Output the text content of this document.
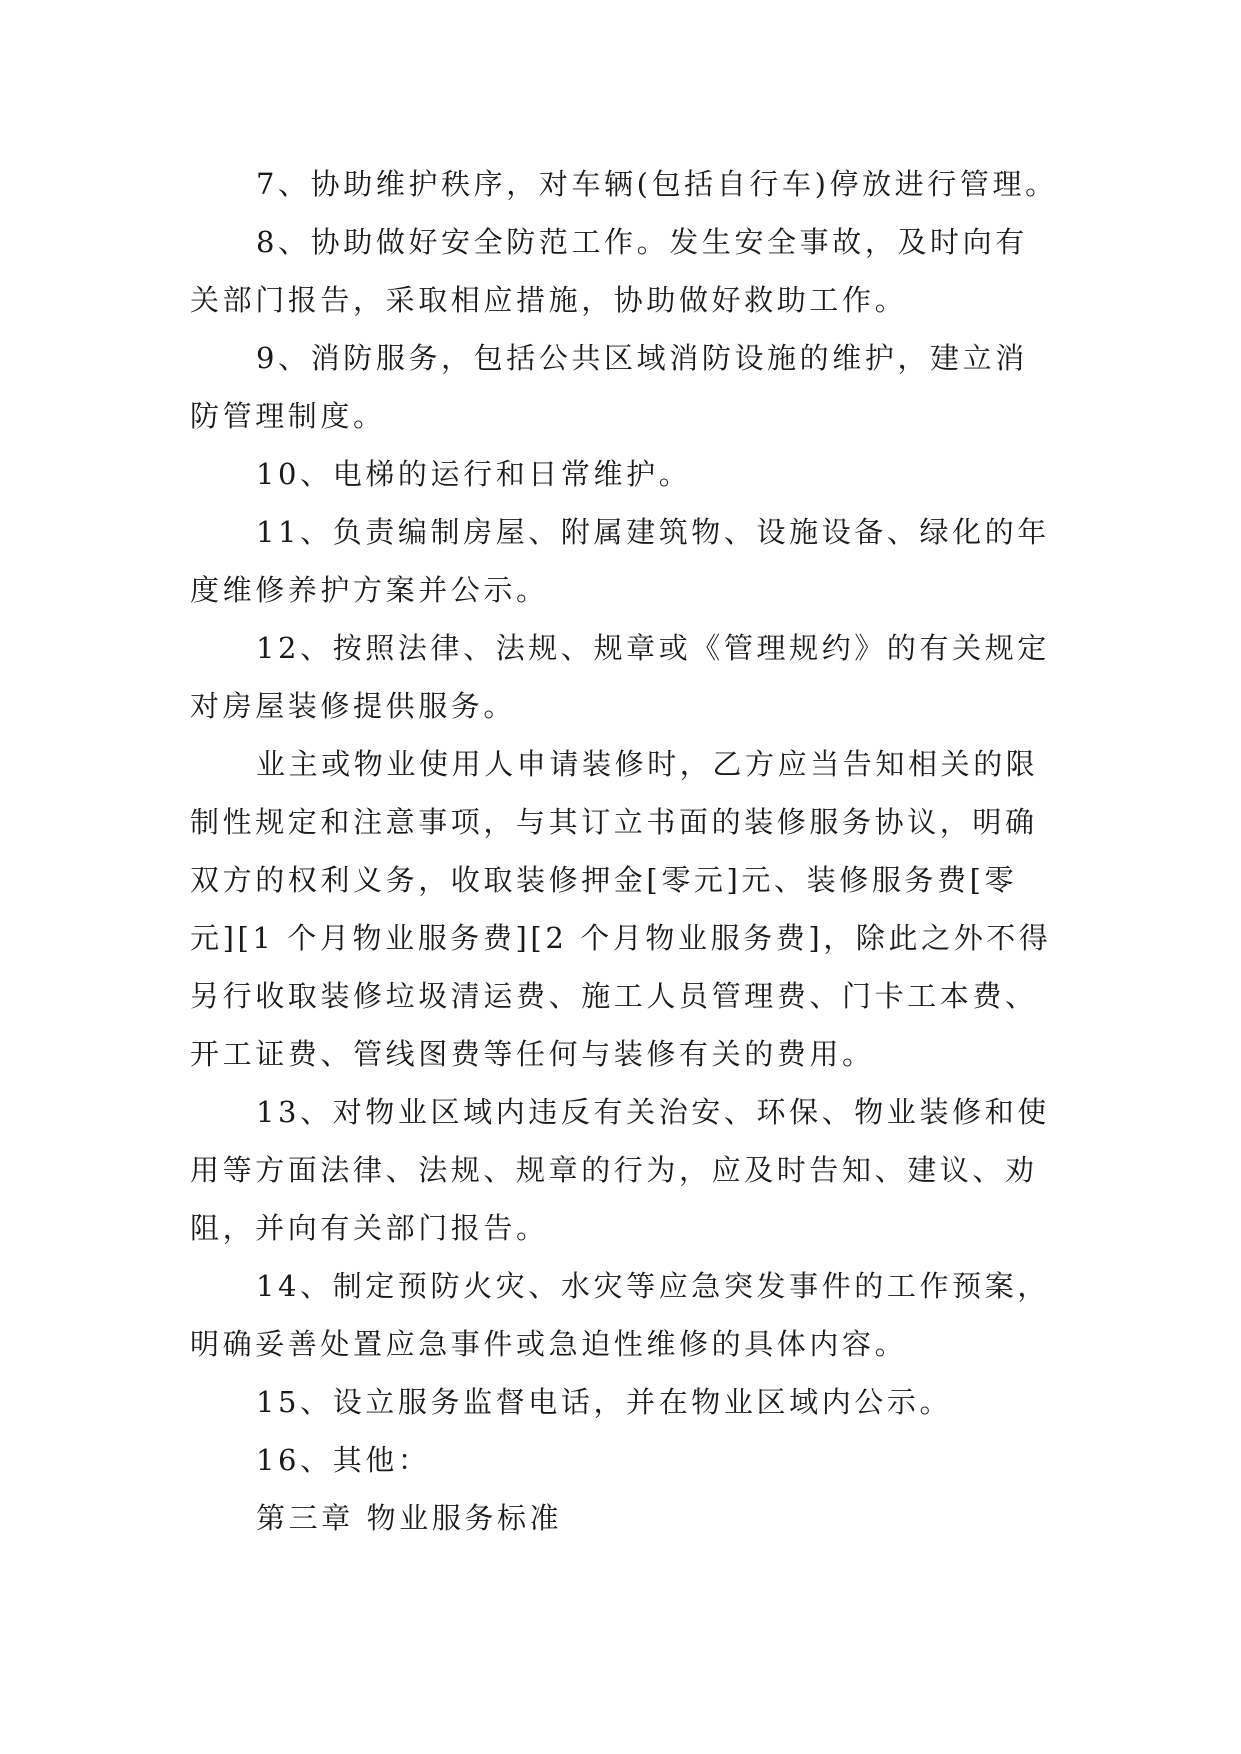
7、协助维护秩序，对车辆(包括自行车)停放进行管理。
8、协助做好安全防范工作。发生安全事故，及时向有
关部门报告，采取相应措施，协助做好救助工作。
9、消防服务，包括公共区域消防设施的维护，建立消
防管理制度。
10、电梯的运行和日常维护。
11、负责编制房屋、附属建筑物、设施设备、绿化的年
度维修养护方案并公示。
12、按照法律、法规、规章或《管理规约》的有关规定
对房屋装修提供服务。
业主或物业使用人申请装修时，乙方应当告知相关的限
制性规定和注意事项，与其订立书面的装修服务协议，明确
双方的权利义务，收取装修押金[零元]元、装修服务费[零
元][1 个月物业服务费][2 个月物业服务费]，除此之外不得
另行收取装修垃圾清运费、施工人员管理费、门卡工本费、
开工证费、管线图费等任何与装修有关的费用。
13、对物业区域内违反有关治安、环保、物业装修和使
用等方面法律、法规、规章的行为，应及时告知、建议、劝
阻，并向有关部门报告。
14、制定预防火灾、水灾等应急突发事件的工作预案，
明确妥善处置应急事件或急迫性维修的具体内容。
15、设立服务监督电话，并在物业区域内公示。
16、其他：
第三章 物业服务标准
